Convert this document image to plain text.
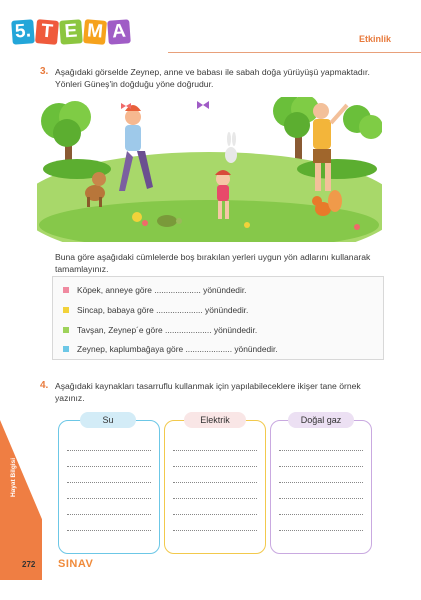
5. T E M A	Etkinlik
3. Aşağıdaki görselde Zeynep, anne ve babası ile sabah doğa yürüyüşü yapmaktadır. Yönleri Güneş'in doğduğu yöne doğrudur.
Buna göre aşağıdaki cümlelerde boş bırakılan yerleri uygun yön adlarını kullanarak tamamlayınız.
Köpek, anneye göre
....................
yönündedir.
Sincap, babaya göre
....................
yönündedir.
Tavşan, Zeynep´e göre
....................
yönündedir.
Zeynep, kaplumbağaya göre
....................
yönündedir.
4. Aşağıdaki kaynakları tasarruflu kullanmak için yapılabileceklere ikişer tane örnek yazınız.
Su	Elektrik	Doğal gaz
Hayat Bilgisi
272 SINAV
